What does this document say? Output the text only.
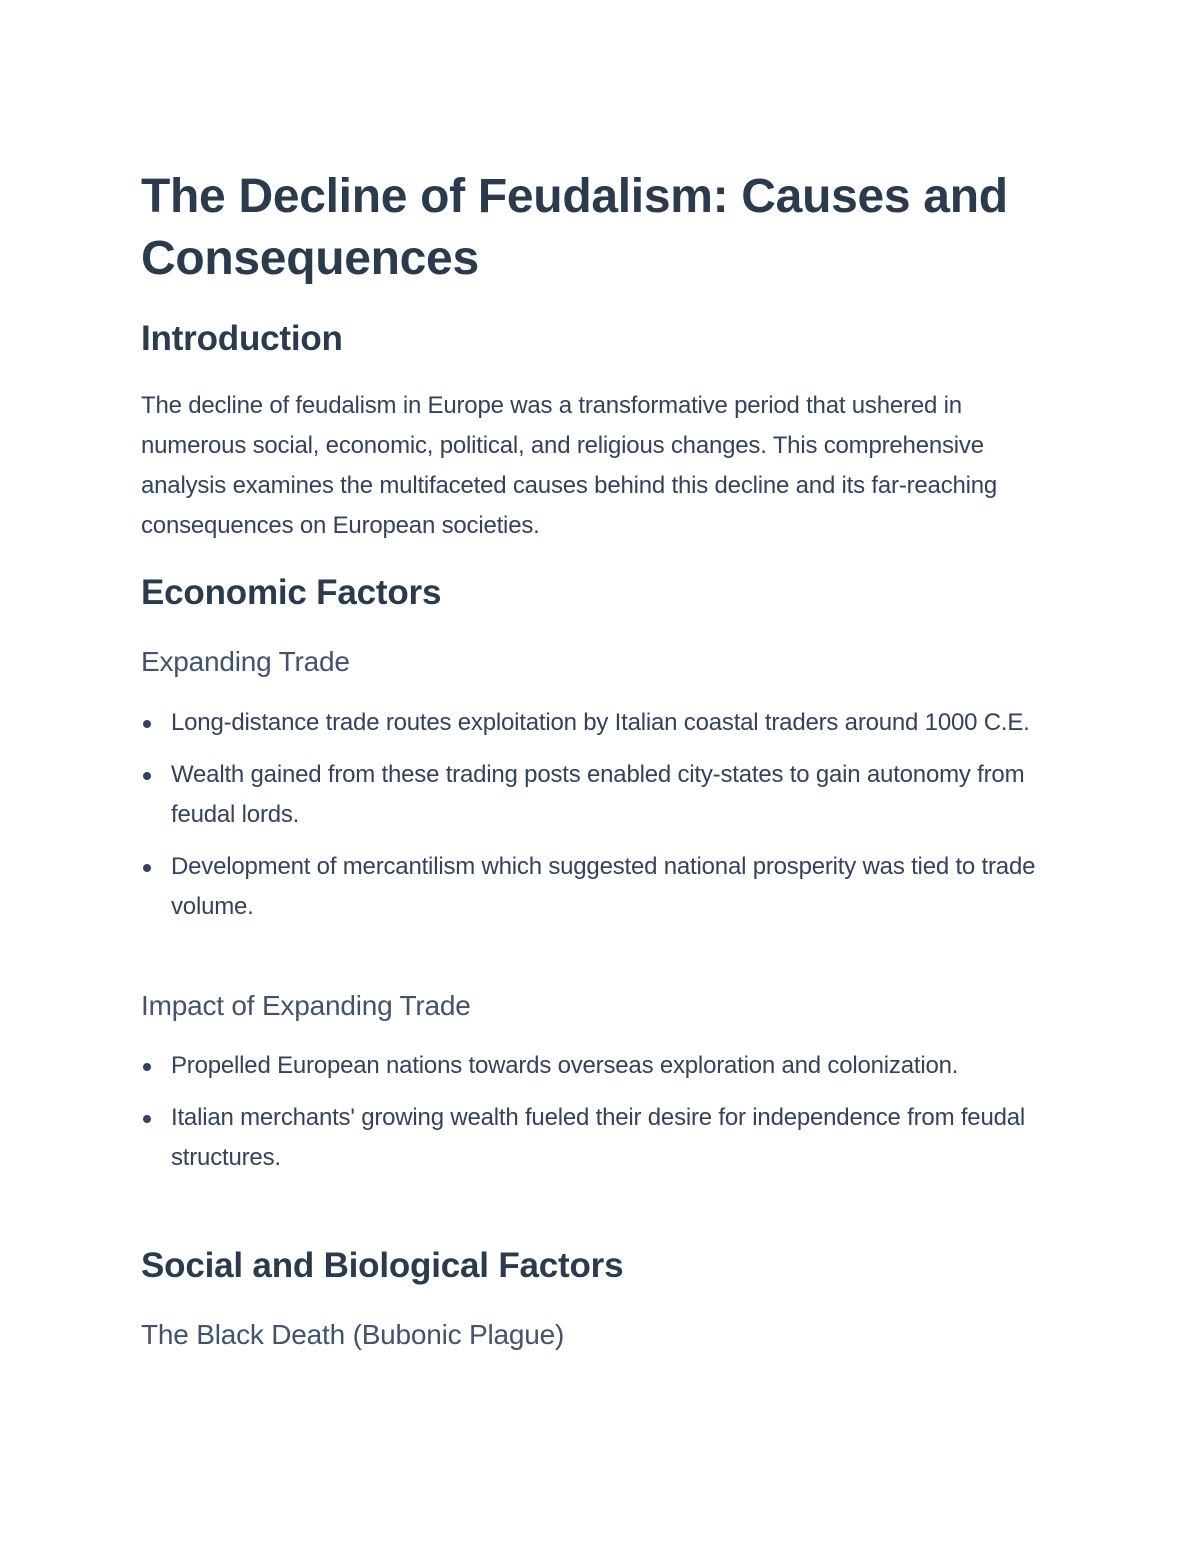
The Decline of Feudalism: Causes and Consequences
Introduction

The decline of feudalism in Europe was a transformative period that ushered in numerous social, economic, political, and religious changes. This comprehensive analysis examines the multifaceted causes behind this decline and its far-reaching consequences on European societies.

Economic Factors
Expanding Trade
Long-distance trade routes exploitation by Italian coastal traders around 1000 C.E.
Wealth gained from these trading posts enabled city-states to gain autonomy from feudal lords.
Development of mercantilism which suggested national prosperity was tied to trade volume.
Impact of Expanding Trade
Propelled European nations towards overseas exploration and colonization.
Italian merchants' growing wealth fueled their desire for independence from feudal structures.
Social and Biological Factors
The Black Death (Bubonic Plague)
